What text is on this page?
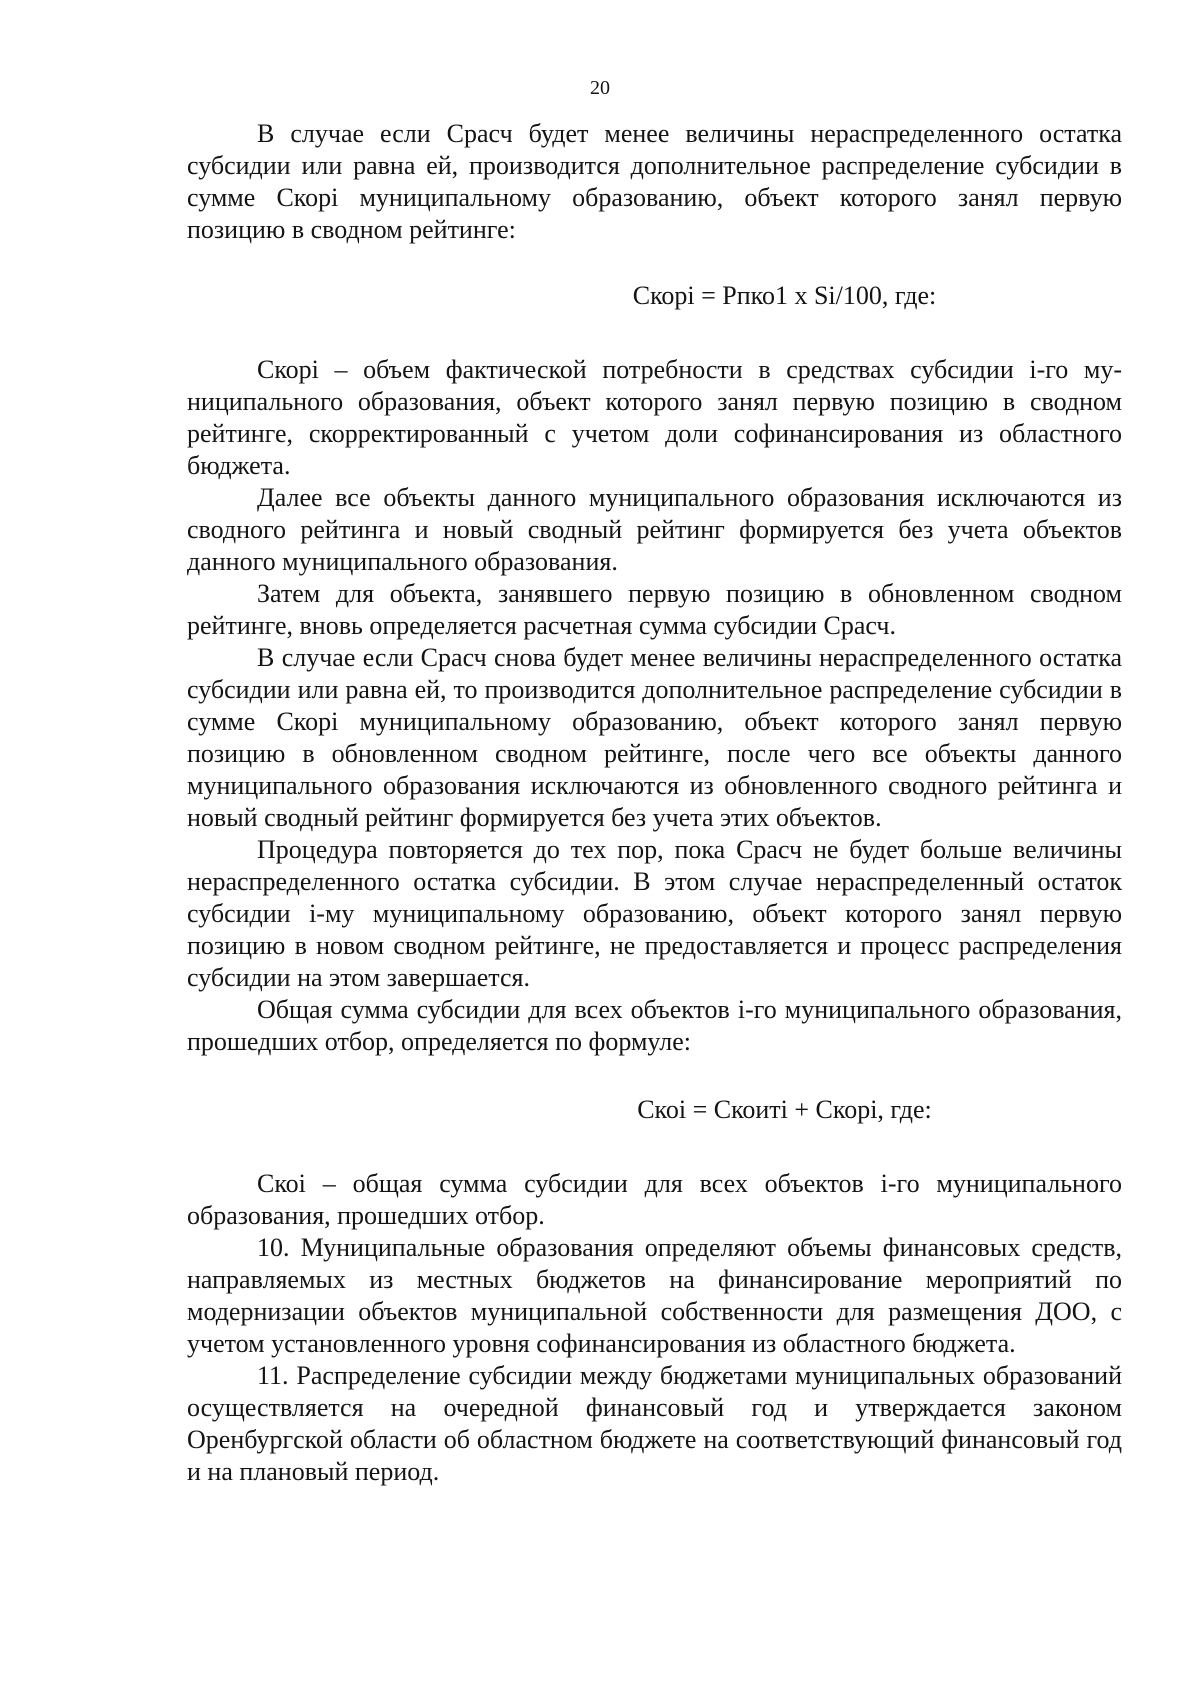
20

В случае если Срасч будет менее величины нераспределенного остатка субсидии или равна ей, производится дополнительное распределение субсидии в сумме Скорi муниципальному образованию, объект которого занял первую позицию в сводном рейтинге:

Скорi = Рпко1 x Si/100, где:

Скорi – объем фактической потребности в средствах субсидии i-го муниципального образования, объект которого занял первую позицию в сводном рейтинге, скорректированный с учетом доли софинансирования из областного бюджета.

Далее все объекты данного муниципального образования исключаются из сводного рейтинга и новый сводный рейтинг формируется без учета объектов данного муниципального образования.

Затем для объекта, занявшего первую позицию в обновленном сводном рейтинге, вновь определяется расчетная сумма субсидии Срасч.

В случае если Срасч снова будет менее величины нераспределенного остатка субсидии или равна ей, то производится дополнительное распределение субсидии в сумме Скорi муниципальному образованию, объект которого занял первую позицию в обновленном сводном рейтинге, после чего все объекты данного муниципального образования исключаются из обновленного сводного рейтинга и новый сводный рейтинг формируется без учета этих объектов.

Процедура повторяется до тех пор, пока Срасч не будет больше величины нераспределенного остатка субсидии. В этом случае нераспределенный остаток субсидии i-му муниципальному образованию, объект которого занял первую позицию в новом сводном рейтинге, не предоставляется и процесс распределения субсидии на этом завершается.

Общая сумма субсидии для всех объектов i-го муниципального образования, прошедших отбор, определяется по формуле:

Скоi = Скоитi + Скорi, где:

Скоi – общая сумма субсидии для всех объектов i-го муниципального образования, прошедших отбор.

10. Муниципальные образования определяют объемы финансовых средств, направляемых из местных бюджетов на финансирование мероприятий по модернизации объектов муниципальной собственности для размещения ДОО, с учетом установленного уровня софинансирования из областного бюджета.

11. Распределение субсидии между бюджетами муниципальных образований осуществляется на очередной финансовый год и утверждается законом Оренбургской области об областном бюджете на соответствующий финансовый год и на плановый период.
